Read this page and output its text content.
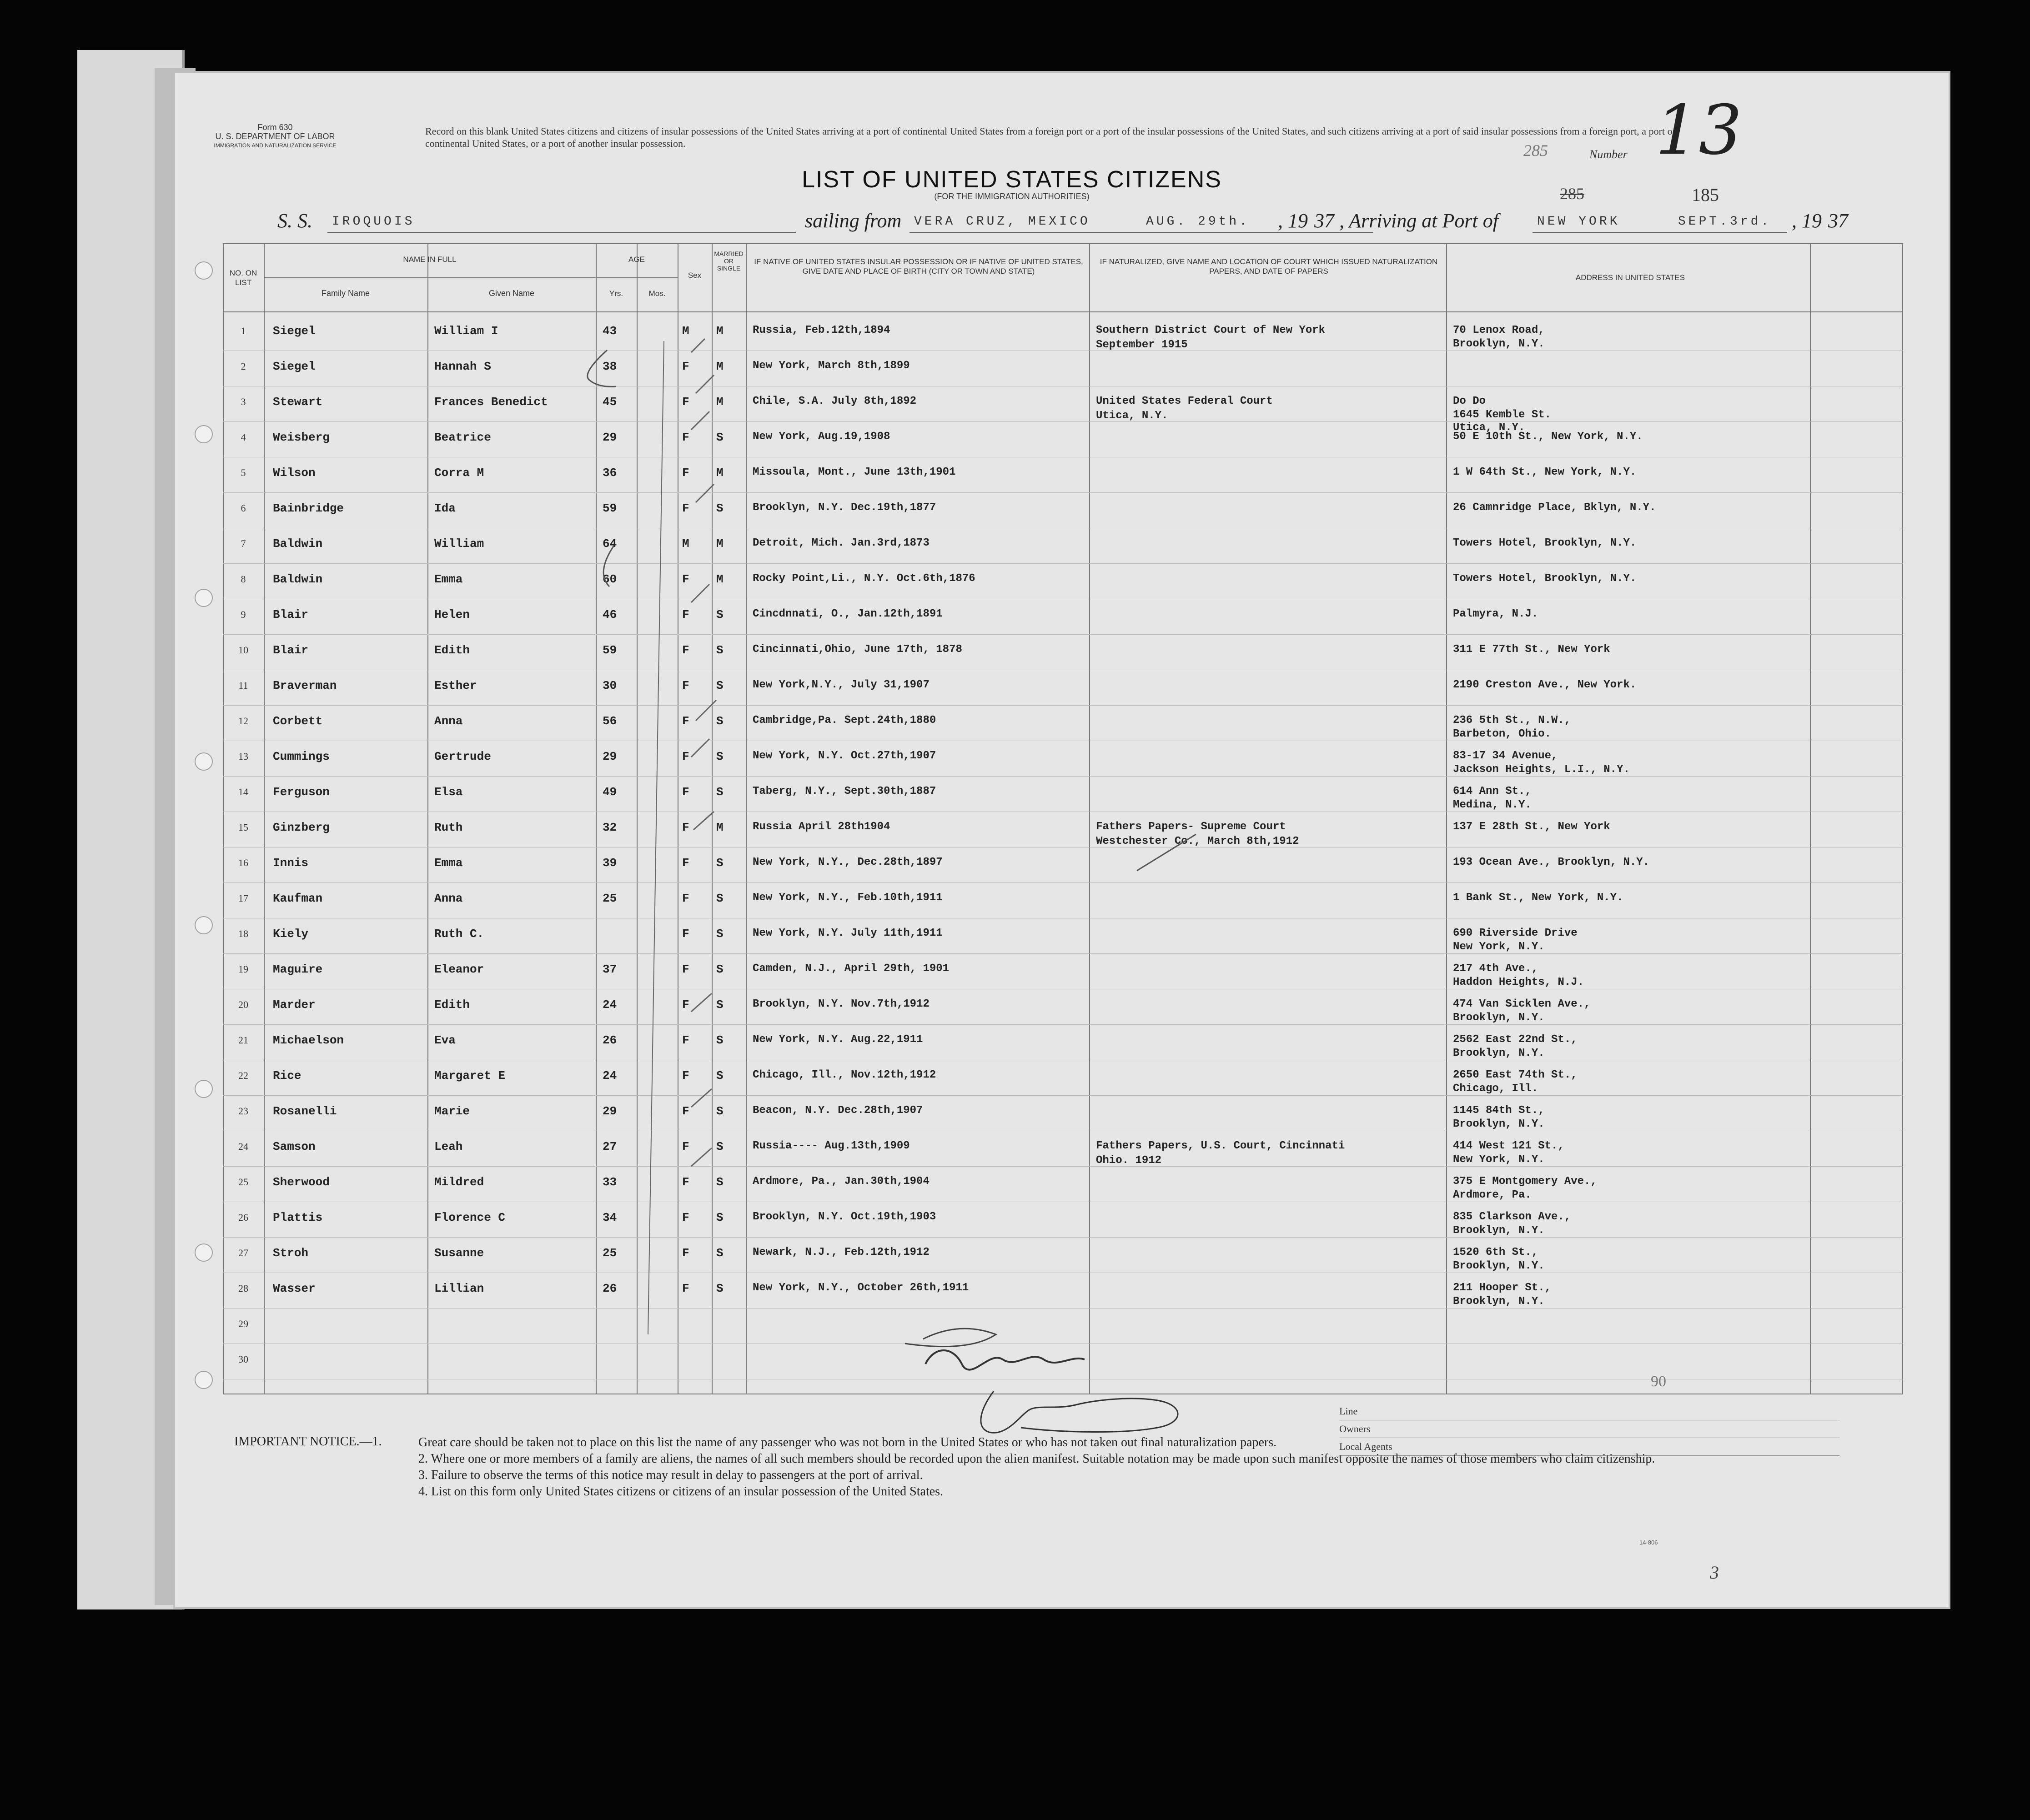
Form 630
U. S. DEPARTMENT OF LABOR
IMMIGRATION AND NATURALIZATION SERVICE
Record on this blank United States citizens and citizens of insular possessions of the United States arriving at a port of continental United States from a foreign port or a port of the insular possessions of the United States, and such citizens arriving at a port of said insular possessions from a foreign port, a port of continental United States, or a port of another insular possession.	285	Number 13
LIST OF UNITED STATES CITIZENS
(FOR THE IMMIGRATION AUTHORITIES)	285	185
S. S. IROQUOIS	sailing from VERA CRUZ, MEXICO	AUG. 29th. , 19 37 , Arriving at Port of	NEW YORK	SEPT.3rd. , 19 37
NO. ON LIST
NAME IN FULL
Family Name	Given Name
AGE
Yrs.	Mos.
Sex
MARRIED OR SINGLE
IF NATIVE OF UNITED STATES INSULAR POSSESSION OR IF NATIVE OF UNITED STATES, GIVE DATE AND PLACE OF BIRTH (CITY OR TOWN AND STATE)
IF NATURALIZED, GIVE NAME AND LOCATION OF COURT WHICH ISSUED NATURALIZATION PAPERS, AND DATE OF PAPERS
ADDRESS IN UNITED STATES
1	Siegel	William I	43	M M	Russia, Feb.12th,1894	Southern District Court of New York	70 Lenox Road,
September 1915	Brooklyn, N.Y.
2	Siegel	Hannah S	38	F M	New York, March 8th,1899
3	Stewart	Frances Benedict	45	F M	Chile, S.A. July 8th,1892	United States Federal Court	Do Do
Utica, N.Y.	1645 Kemble St.
Utica, N.Y.
4	Weisberg	Beatrice	29	F S	New York, Aug.19,1908	50 E 10th St., New York, N.Y.
5	Wilson	Corra M	36	F M	Missoula, Mont., June 13th,1901	1 W 64th St., New York, N.Y.
6	Bainbridge	Ida	59	F S	Brooklyn, N.Y. Dec.19th,1877	26 Camnridge Place, Bklyn, N.Y.
7	Baldwin	William	64	M M	Detroit, Mich. Jan.3rd,1873	Towers Hotel, Brooklyn, N.Y.
8	Baldwin	Emma	60	F M	Rocky Point,Li., N.Y. Oct.6th,1876	Towers Hotel, Brooklyn, N.Y.
9	Blair	Helen	46	F S	Cincdnnati, O., Jan.12th,1891	Palmyra, N.J.
10	Blair	Edith	59	F S	Cincinnati,Ohio, June 17th, 1878	311 E 77th St., New York
11	Braverman	Esther	30	F S	New York,N.Y., July 31,1907	2190 Creston Ave., New York.
12	Corbett	Anna	56	F S	Cambridge,Pa. Sept.24th,1880	236 5th St., N.W.,
Barbeton, Ohio.
13	Cummings	Gertrude	29	F S	New York, N.Y. Oct.27th,1907	83-17 34 Avenue,
Jackson Heights, L.I., N.Y.
14	Ferguson	Elsa	49	F S	Taberg, N.Y., Sept.30th,1887	614 Ann St.,
Medina, N.Y.
15	Ginzberg	Ruth	32	F M	Russia April 28th1904	Fathers Papers- Supreme Court	137 E 28th St., New York
Westchester Co., March 8th,1912
16	Innis	Emma	39	F S	New York, N.Y., Dec.28th,1897	193 Ocean Ave., Brooklyn, N.Y.
17	Kaufman	Anna	25	F S	New York, N.Y., Feb.10th,1911	1 Bank St., New York, N.Y.
18	Kiely	Ruth C.	F S	New York, N.Y. July 11th,1911	690 Riverside Drive
New York, N.Y.
19	Maguire	Eleanor	37	F S	Camden, N.J., April 29th, 1901	217 4th Ave.,
Haddon Heights, N.J.
20	Marder	Edith	24	F S	Brooklyn, N.Y. Nov.7th,1912	474 Van Sicklen Ave.,
Brooklyn, N.Y.
21	Michaelson	Eva	26	F S	New York, N.Y. Aug.22,1911	2562 East 22nd St.,
Brooklyn, N.Y.
22	Rice	Margaret E	24	F S	Chicago, Ill., Nov.12th,1912	2650 East 74th St.,
Chicago, Ill.
23	Rosanelli	Marie	29	F S	Beacon, N.Y. Dec.28th,1907	1145 84th St.,
Brooklyn, N.Y.
24	Samson	Leah	27	F S	Russia---- Aug.13th,1909	Fathers Papers, U.S. Court, Cincinnati	414 West 121 St.,
Ohio. 1912	New York, N.Y.
25	Sherwood	Mildred	33	F S	Ardmore, Pa., Jan.30th,1904	375 E Montgomery Ave.,
Ardmore, Pa.
26	Plattis	Florence C	34	F S	Brooklyn, N.Y. Oct.19th,1903	835 Clarkson Ave.,
Brooklyn, N.Y.
27	Stroh	Susanne	25	F S	Newark, N.J., Feb.12th,1912	1520 6th St.,
Brooklyn, N.Y.
28	Wasser	Lillian	26	F S	New York, N.Y., October 26th,1911	211 Hooper St.,
Brooklyn, N.Y.
29
30
90
Line
Owners
Local Agents
IMPORTANT NOTICE.—1.	Great care should be taken not to place on this list the name of any passenger who was not born in the United States or who has not taken out final naturalization papers.
2. Where one or more members of a family are aliens, the names of all such members should be recorded upon the alien manifest. Suitable notation may be made upon such manifest opposite the names of those members who claim citizenship.
3. Failure to observe the terms of this notice may result in delay to passengers at the port of arrival.
4. List on this form only United States citizens or citizens of an insular possession of the United States.
14-806
3
